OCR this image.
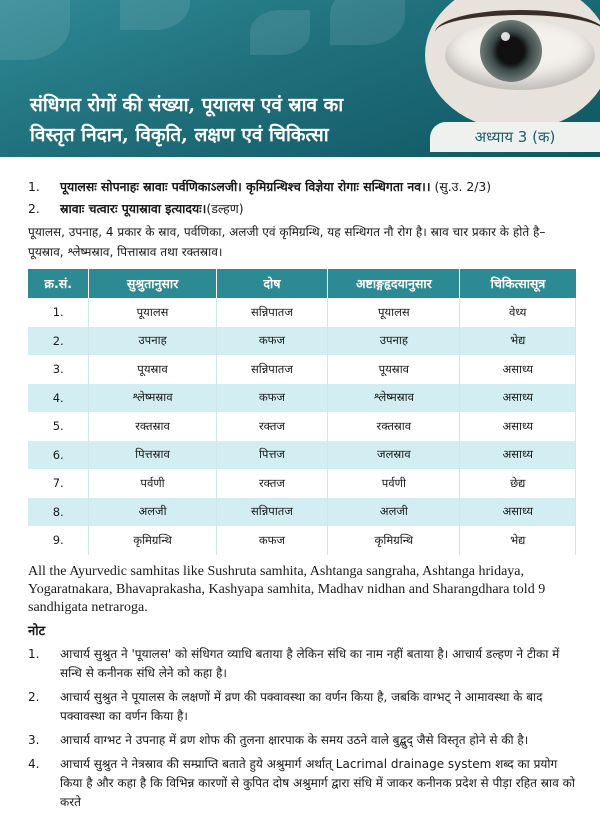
संधिगत रोगों की संख्या, पूयालस एवं स्राव का
विस्तृत निदान, विकृति, लक्षण एवं चिकित्सा	अध्याय 3 (क)
1.	पूयालसः सोपनाहः स्रावाः पर्वणिकाऽलजी। कृमिग्रन्थिश्च विज्ञेया रोगाः सन्धिगता नव।। (सु.उ. 2/3)
2.	स्रावाः चत्वारः पूयास्रावा इत्यादयः।(डल्हण)

पूयालस, उपनाह, 4 प्रकार के स्राव, पर्वणिका, अलजी एवं कृमिग्रन्थि, यह सन्धिगत नौ रोग है। स्राव चार प्रकार के होते है– पूयस्राव, श्लेष्मस्राव, पित्तास्राव तथा रक्तस्राव।

क्र.सं.	सुश्रुतानुसार	दोष	अष्टाङ्गहृदयानुसार	चिकित्सासूत्र
1.	पूयालस	सन्निपातज	पूयालस	वेध्य
2.	उपनाह	कफज	उपनाह	भेद्य
3.	पूयस्राव	सन्निपातज	पूयस्राव	असाध्य
4.	श्लेष्मस्राव	कफज	श्लेष्मस्राव	असाध्य
5.	रक्तस्राव	रक्तज	रक्तस्राव	असाध्य
6.	पित्तस्राव	पित्तज	जलस्राव	असाध्य
7.	पर्वणी	रक्तज	पर्वणी	छेद्य
8.	अलजी	सन्निपातज	अलजी	असाध्य
9.	कृमिग्रन्थि	कफज	कृमिग्रन्थि	भेद्य

All the Ayurvedic samhitas like Sushruta samhita, Ashtanga sangraha, Ashtanga hridaya, Yogaratnakara, Bhavaprakasha, Kashyapa samhita, Madhav nidhan and Sharangdhara told 9 sandhigata netraroga.

नोट
1.	आचार्य सुश्रुत ने 'पूयालस' को संधिगत व्याधि बताया है लेकिन संधि का नाम नहीं बताया है। आचार्य डल्हण ने टीका में सन्धि से कनीनक संधि लेने को कहा है।
2.	आचार्य सुश्रुत ने पूयालस के लक्षणों में व्रण की पक्वावस्था का वर्णन किया है, जबकि वाग्भट् ने आमावस्था के बाद पक्वावस्था का वर्णन किया है।
3.	आचार्य वाग्भट ने उपनाह में व्रण शोफ की तुलना क्षारपाक के समय उठने वाले बुद्बुद् जैसे विस्तृत होने से की है।
4.	आचार्य सुश्रुत ने नेत्रस्राव की सम्प्राप्ति बताते हुये अश्रुमार्ग अर्थात् Lacrimal drainage system शब्द का प्रयोग किया है और कहा है कि विभिन्न कारणों से कुपित दोष अश्रुमार्ग द्वारा संधि में जाकर कनीनक प्रदेश से पीड़ा रहित स्राव को करते
